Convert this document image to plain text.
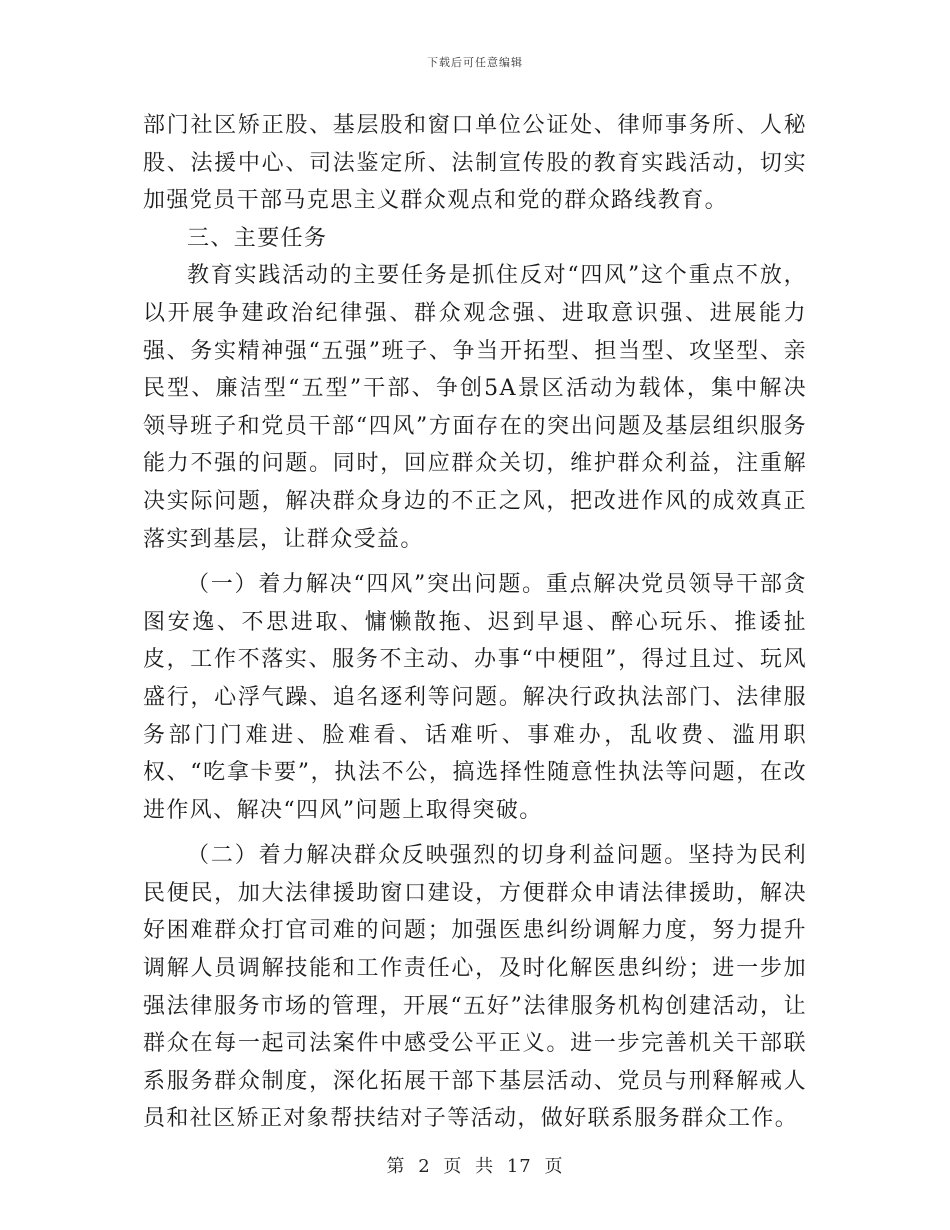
下载后可任意编辑

部门社区矫正股、基层股和窗口单位公证处、律师事务所、人秘股、法援中心、司法鉴定所、法制宣传股的教育实践活动，切实加强党员干部马克思主义群众观点和党的群众路线教育。

三、主要任务

教育实践活动的主要任务是抓住反对“四风”这个重点不放，以开展争建政治纪律强、群众观念强、进取意识强、进展能力强、务实精神强“五强”班子、争当开拓型、担当型、攻坚型、亲民型、廉洁型“五型”干部、争创5A景区活动为载体，集中解决领导班子和党员干部“四风”方面存在的突出问题及基层组织服务能力不强的问题。同时，回应群众关切，维护群众利益，注重解决实际问题，解决群众身边的不正之风，把改进作风的成效真正落实到基层，让群众受益。

（一）着力解决“四风”突出问题。重点解决党员领导干部贪图安逸、不思进取、慵懒散拖、迟到早退、醉心玩乐、推诿扯皮，工作不落实、服务不主动、办事“中梗阻”，得过且过、玩风盛行，心浮气躁、追名逐利等问题。解决行政执法部门、法律服务部门门难进、脸难看、话难听、事难办，乱收费、滥用职权、“吃拿卡要”，执法不公，搞选择性随意性执法等问题，在改进作风、解决“四风”问题上取得突破。

（二）着力解决群众反映强烈的切身利益问题。坚持为民利民便民，加大法律援助窗口建设，方便群众申请法律援助，解决好困难群众打官司难的问题；加强医患纠纷调解力度，努力提升调解人员调解技能和工作责任心，及时化解医患纠纷；进一步加强法律服务市场的管理，开展“五好”法律服务机构创建活动，让群众在每一起司法案件中感受公平正义。进一步完善机关干部联系服务群众制度，深化拓展干部下基层活动、党员与刑释解戒人员和社区矫正对象帮扶结对子等活动，做好联系服务群众工作。

第 2 页 共 17 页
